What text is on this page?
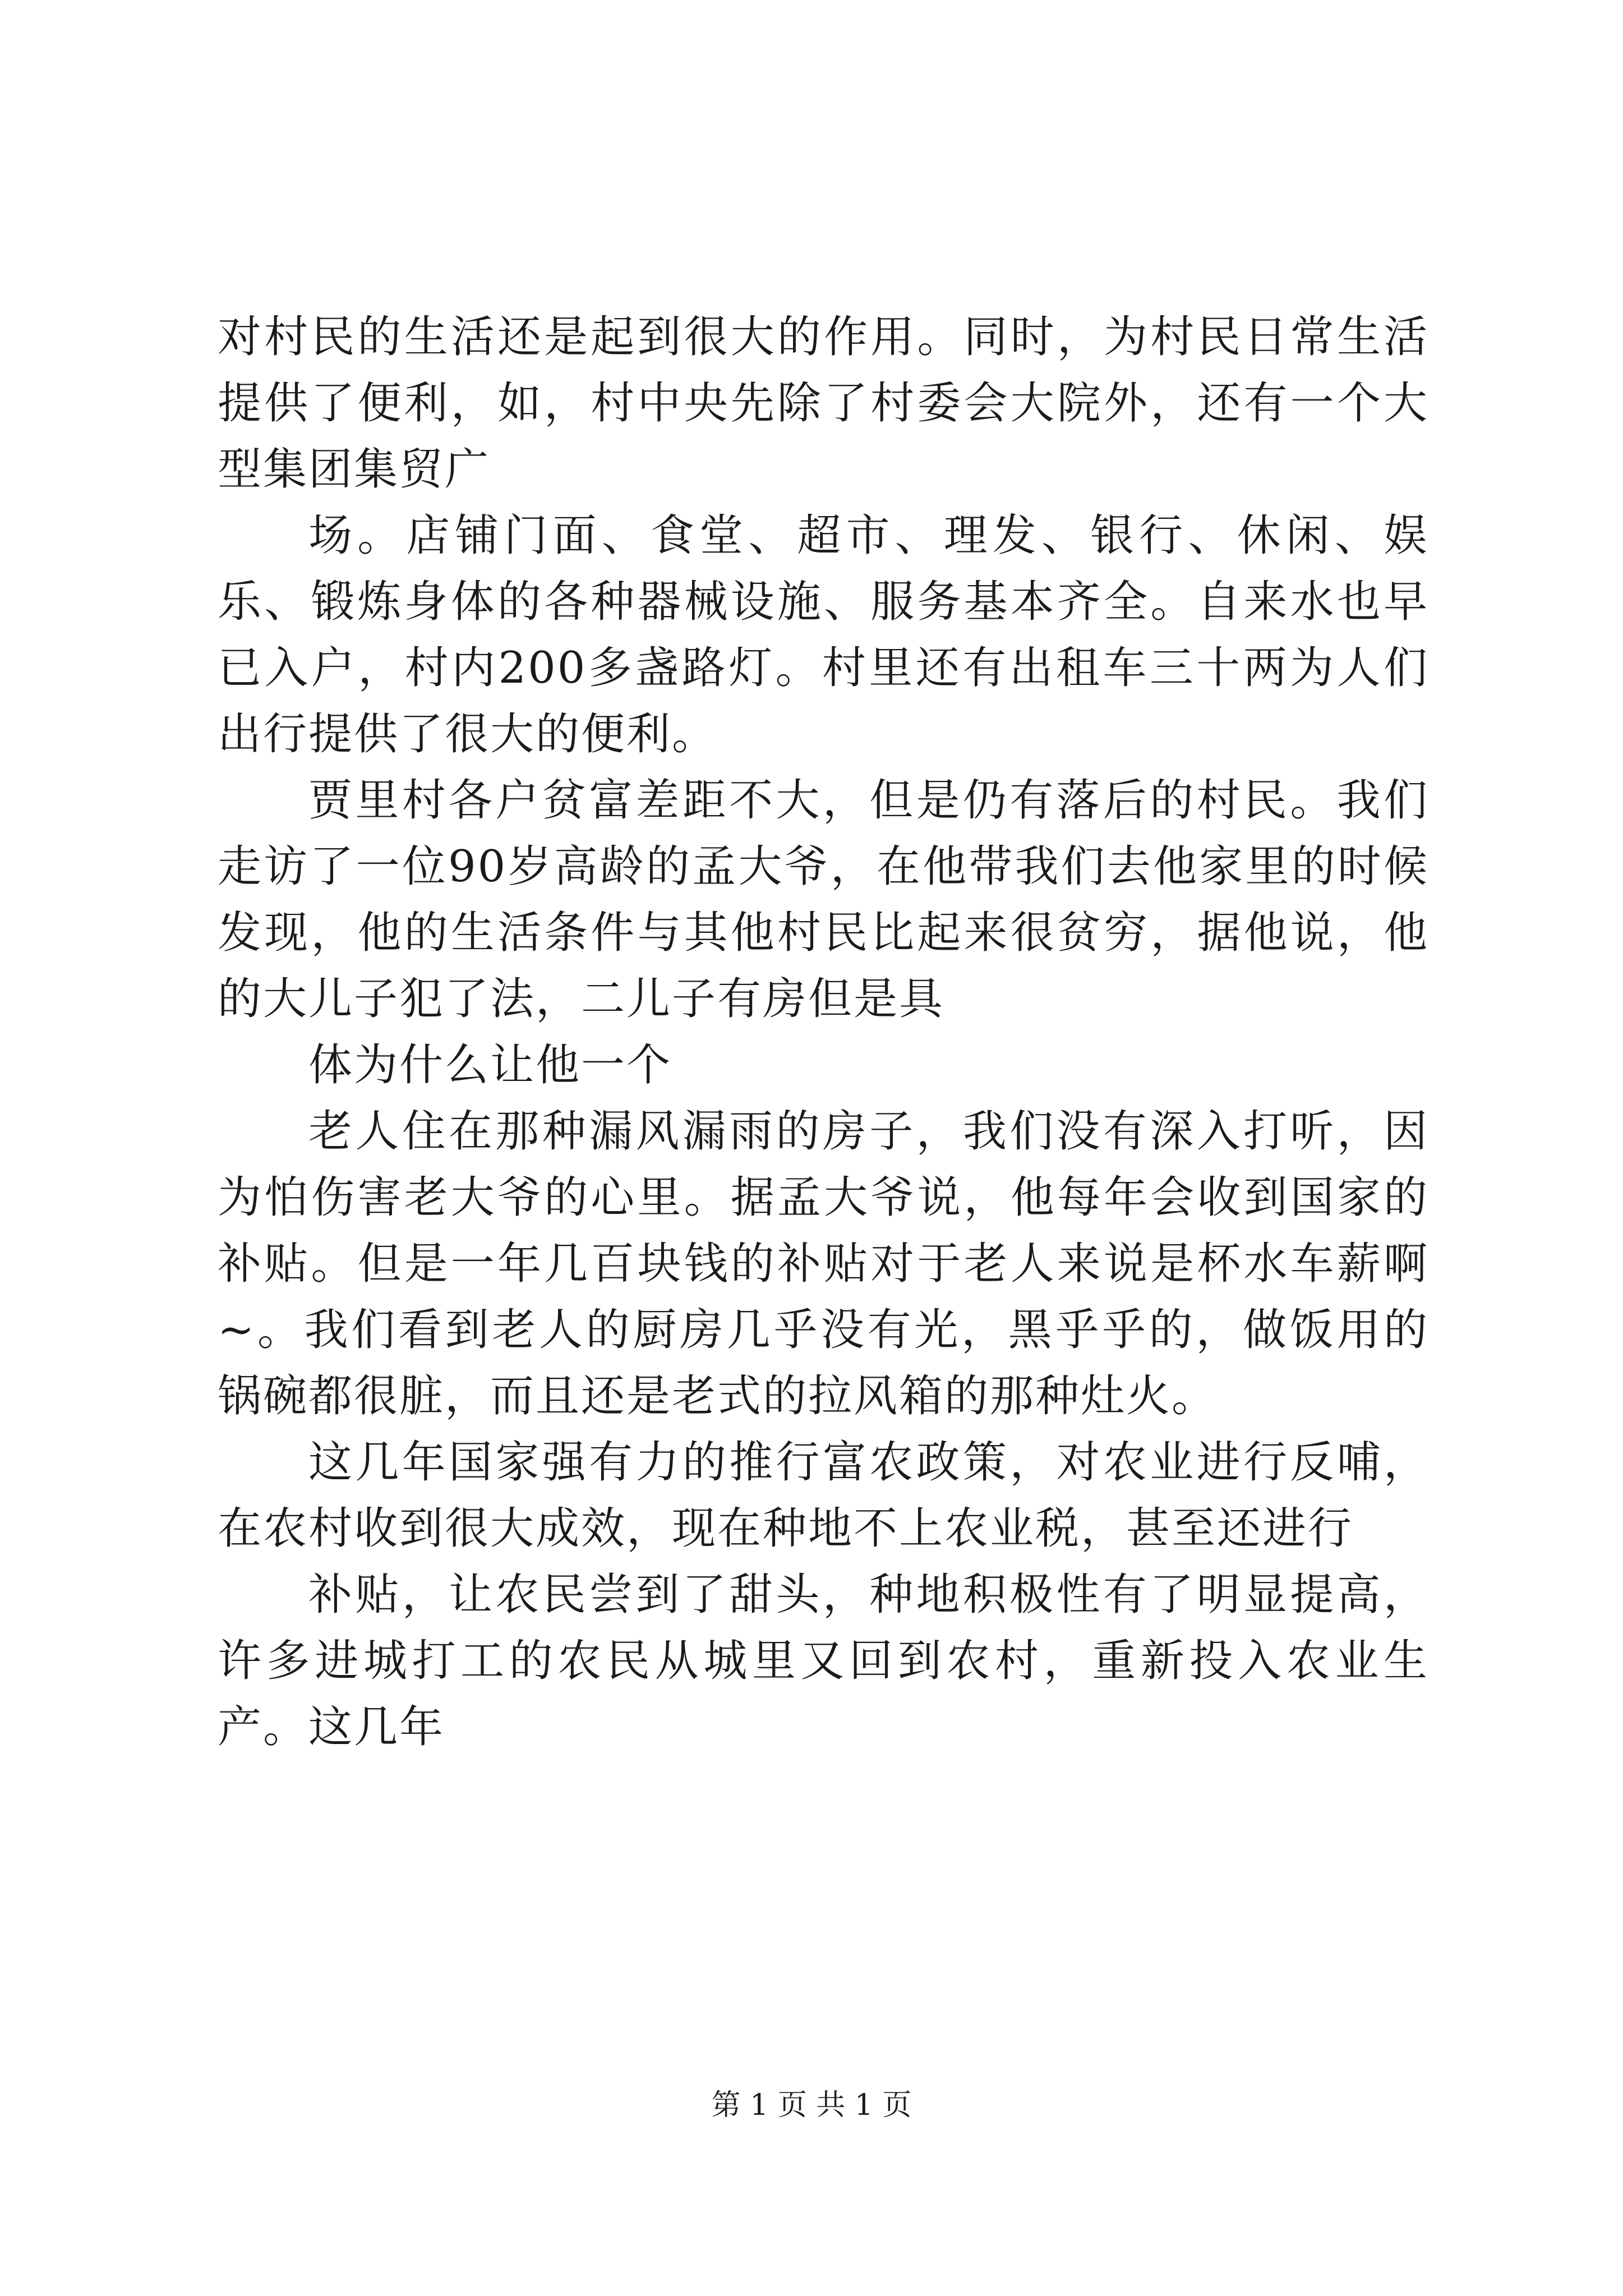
对村民的生活还是起到很大的作用。同时，为村民日常生活提供了便利，如，村中央先除了村委会大院外，还有一个大型集团集贸广

场。店铺门面、食堂、超市、理发、银行、休闲、娱乐、锻炼身体的各种器械设施、服务基本齐全。自来水也早已入户，村内200多盏路灯。村里还有出租车三十两为人们出行提供了很大的便利。

贾里村各户贫富差距不大，但是仍有落后的村民。我们走访了一位90岁高龄的孟大爷，在他带我们去他家里的时候发现，他的生活条件与其他村民比起来很贫穷，据他说，他的大儿子犯了法，二儿子有房但是具

体为什么让他一个

老人住在那种漏风漏雨的房子，我们没有深入打听，因为怕伤害老大爷的心里。据孟大爷说，他每年会收到国家的补贴。但是一年几百块钱的补贴对于老人来说是杯水车薪啊~。我们看到老人的厨房几乎没有光，黑乎乎的，做饭用的锅碗都很脏，而且还是老式的拉风箱的那种灶火。

这几年国家强有力的推行富农政策，对农业进行反哺，在农村收到很大成效，现在种地不上农业税，甚至还进行

补贴，让农民尝到了甜头，种地积极性有了明显提高，许多进城打工的农民从城里又回到农村，重新投入农业生产。这几年

第 1 页 共 1 页
